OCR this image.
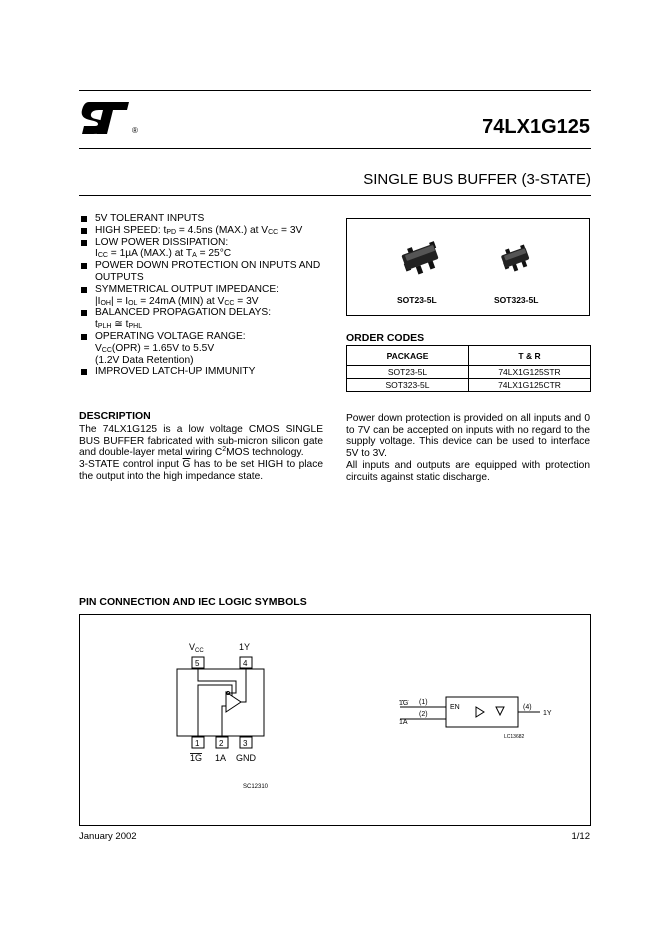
®	74LX1G125
SINGLE BUS BUFFER (3-STATE)
5V TOLERANT INPUTS
HIGH SPEED: $t_{PD} = 4.5ns$ (MAX.) at $V_{CC} = 3V$
LOW POWER DISSIPATION:
$I_{CC} = 1\mu A$ (MAX.) at $T_A = 25^\circ C$
POWER DOWN PROTECTION ON INPUTS AND OUTPUTS
SYMMETRICAL OUTPUT IMPEDANCE:
$|I_{OH}| = I_{OL} = 24mA$ (MIN) at $V_{CC} = 3V$
BALANCED PROPAGATION DELAYS:
$t_{PLH}$ ≅ $t_{PHL}$
OPERATING VOLTAGE RANGE:
$V_{CC}(OPR) = 1.65V$ to 5.5V
(1.2V Data Retention)
IMPROVED LATCH-UP IMMUNITY
SOT23-5L	SOT323-5L
ORDER CODES
PACKAGE	T & R
SOT23-5L	74LX1G125STR
SOT323-5L	74LX1G125CTR
DESCRIPTION

The 74LX1G125 is a low voltage CMOS SINGLE BUS BUFFER fabricated with sub-micron silicon gate and double-layer metal wiring $C^2MOS$ technology.

3-STATE control input $\overline{G}$ has to be set HIGH to place the output into the high impedance state.

Power down protection is provided on all inputs and 0 to 7V can be accepted on inputs with no regard to the supply voltage. This device can be used to interface 5V to 3V.

All inputs and outputs are equipped with protection circuits against static discharge.

PIN CONNECTION AND IEC LOGIC SYMBOLS
$V_{CC}$	1Y
5	4
1 2 3
1G 1A GND
SC12310
1G
1A
(1)
(2)
EN	(4)
1Y
LC13682
January 2002	1/12
